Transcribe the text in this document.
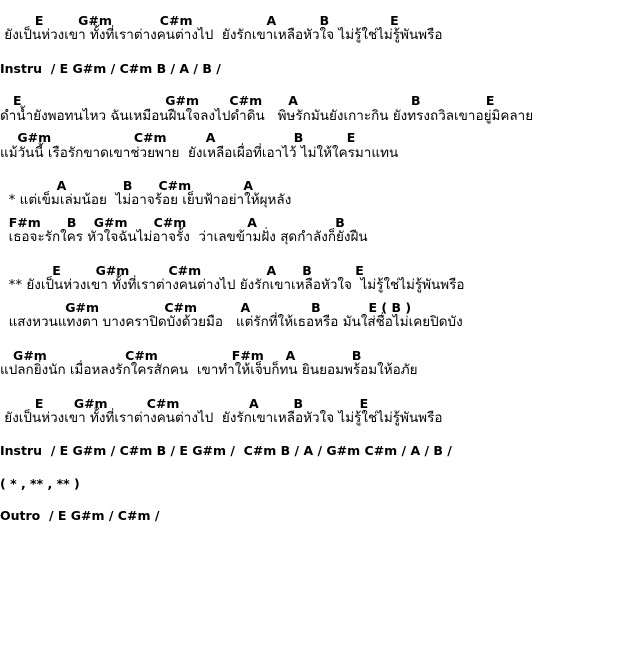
E        G#m           C#m                 A          B              E
ยังเป็นห่วงเขา ทั้งที่เราต่างคนต่างไป  ยังรักเขาเหลือหัวใจ ไม่รู้ใช่ไม่รู้พันพรือ
Instru  / E G#m / C#m B / A / B /
E                                 G#m       C#m      A                          B               E
ดำน้ำยังพอทนไหว ฉันเหมือนฝืนใจลงไปดำดิน   พิษรักมันยังเกาะกิน ยังทรงถวิลเขาอยู่มิคลาย
G#m                   C#m         A                  B          E
แม้วันนี้ เรือรักขาดเขาช่วยพาย  ยังเหลือเผื่อที่เอาไว้ ไม่ให้ใครมาแทน
A             B      C#m            A
* แต่เข็มเล่มน้อย  ไม่อาจร้อย เย็บฟ้าอย่าให้ผุหลัง
F#m      B    G#m      C#m              A                  B
เธอจะรักใคร หัวใจฉันไม่อาจรั้ง  ว่าเลขข้ามฝั่ง สุดกำลังก็ยังฝืน
E        G#m         C#m               A      B          E
** ยังเป็นห่วงเขา ทั้งที่เราต่างคนต่างไป ยังรักเขาเหลือหัวใจ  ไม่รู้ใช่ไม่รู้พันพรือ
G#m               C#m          A              B           E ( B )
แสงหวนแทงตา บางคราปิดบังด้วยมือ   แต่รักที่ให้เธอหรือ มันใส่ชื่อไม่เคยปิดบัง
G#m                  C#m                 F#m     A             B
แปลกยิ่งนัก เมื่อหลงรักใครสักคน  เขาทำให้เจ็บก็ทน ยินยอมพร้อมให้อภัย
E       G#m         C#m                A        B             E
ยังเป็นห่วงเขา ทั้งที่เราต่างคนต่างไป  ยังรักเขาเหลือหัวใจ ไม่รู้ใช่ไม่รู้พันพรือ
Instru  / E G#m / C#m B / E G#m /  C#m B / A / G#m C#m / A / B /
( * , ** , ** )
Outro  / E G#m / C#m /
